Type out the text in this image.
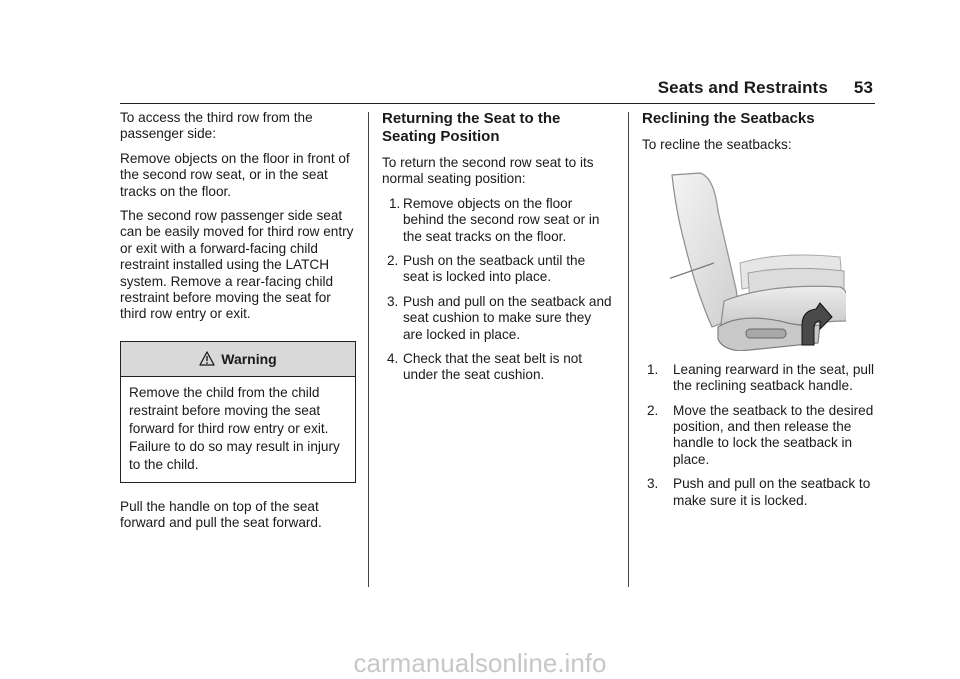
Seats and Restraints 53

To access the third row from the passenger side:

Remove objects on the floor in front of the second row seat, or in the seat tracks on the floor.

The second row passenger side seat can be easily moved for third row entry or exit with a forward-facing child restraint installed using the LATCH system. Remove a rear-facing child restraint before moving the seat for third row entry or exit.

Warning
Remove the child from the child restraint before moving the seat forward for third row entry or exit. Failure to do so may result in injury to the child.

Pull the handle on top of the seat forward and pull the seat forward.

Returning the Seat to the Seating Position

To return the second row seat to its normal seating position:

1. Remove objects on the floor behind the second row seat or in the seat tracks on the floor.
2. Push on the seatback until the seat is locked into place.
3. Push and pull on the seatback and seat cushion to make sure they are locked in place.
4. Check that the seat belt is not under the seat cushion.
Reclining the Seatbacks

To recline the seatbacks:

1. Leaning rearward in the seat, pull the reclining seatback handle.
2. Move the seatback to the desired position, and then release the handle to lock the seatback in place.
3. Push and pull on the seatback to make sure it is locked.
carmanualsonline.info
